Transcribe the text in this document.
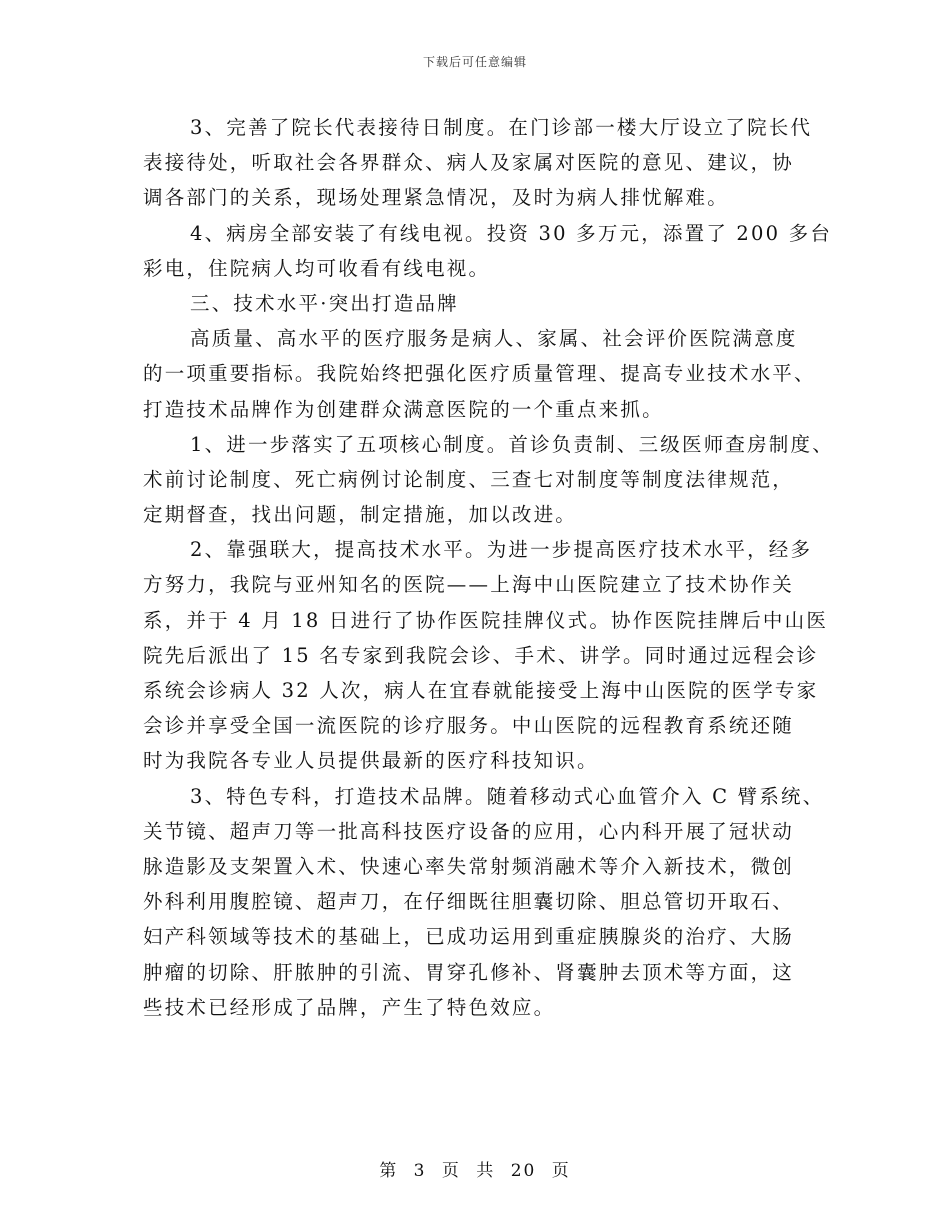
下载后可任意编辑
3、完善了院长代表接待日制度。在门诊部一楼大厅设立了院长代
表接待处，听取社会各界群众、病人及家属对医院的意见、建议，协
调各部门的关系，现场处理紧急情况，及时为病人排忧解难。
4、病房全部安装了有线电视。投资 30 多万元，添置了 200 多台
彩电，住院病人均可收看有线电视。
三、技术水平·突出打造品牌
高质量、高水平的医疗服务是病人、家属、社会评价医院满意度
的一项重要指标。我院始终把强化医疗质量管理、提高专业技术水平、
打造技术品牌作为创建群众满意医院的一个重点来抓。
1、进一步落实了五项核心制度。首诊负责制、三级医师查房制度、
术前讨论制度、死亡病例讨论制度、三查七对制度等制度法律规范，
定期督查，找出问题，制定措施，加以改进。
2、靠强联大，提高技术水平。为进一步提高医疗技术水平，经多
方努力，我院与亚州知名的医院——上海中山医院建立了技术协作关
系，并于 4 月 18 日进行了协作医院挂牌仪式。协作医院挂牌后中山医
院先后派出了 15 名专家到我院会诊、手术、讲学。同时通过远程会诊
系统会诊病人 32 人次，病人在宜春就能接受上海中山医院的医学专家
会诊并享受全国一流医院的诊疗服务。中山医院的远程教育系统还随
时为我院各专业人员提供最新的医疗科技知识。
3、特色专科，打造技术品牌。随着移动式心血管介入 C 臂系统、
关节镜、超声刀等一批高科技医疗设备的应用，心内科开展了冠状动
脉造影及支架置入术、快速心率失常射频消融术等介入新技术，微创
外科利用腹腔镜、超声刀，在仔细既往胆囊切除、胆总管切开取石、
妇产科领域等技术的基础上，已成功运用到重症胰腺炎的治疗、大肠
肿瘤的切除、肝脓肿的引流、胃穿孔修补、肾囊肿去顶术等方面，这
些技术已经形成了品牌，产生了特色效应。
第 3 页 共 20 页
